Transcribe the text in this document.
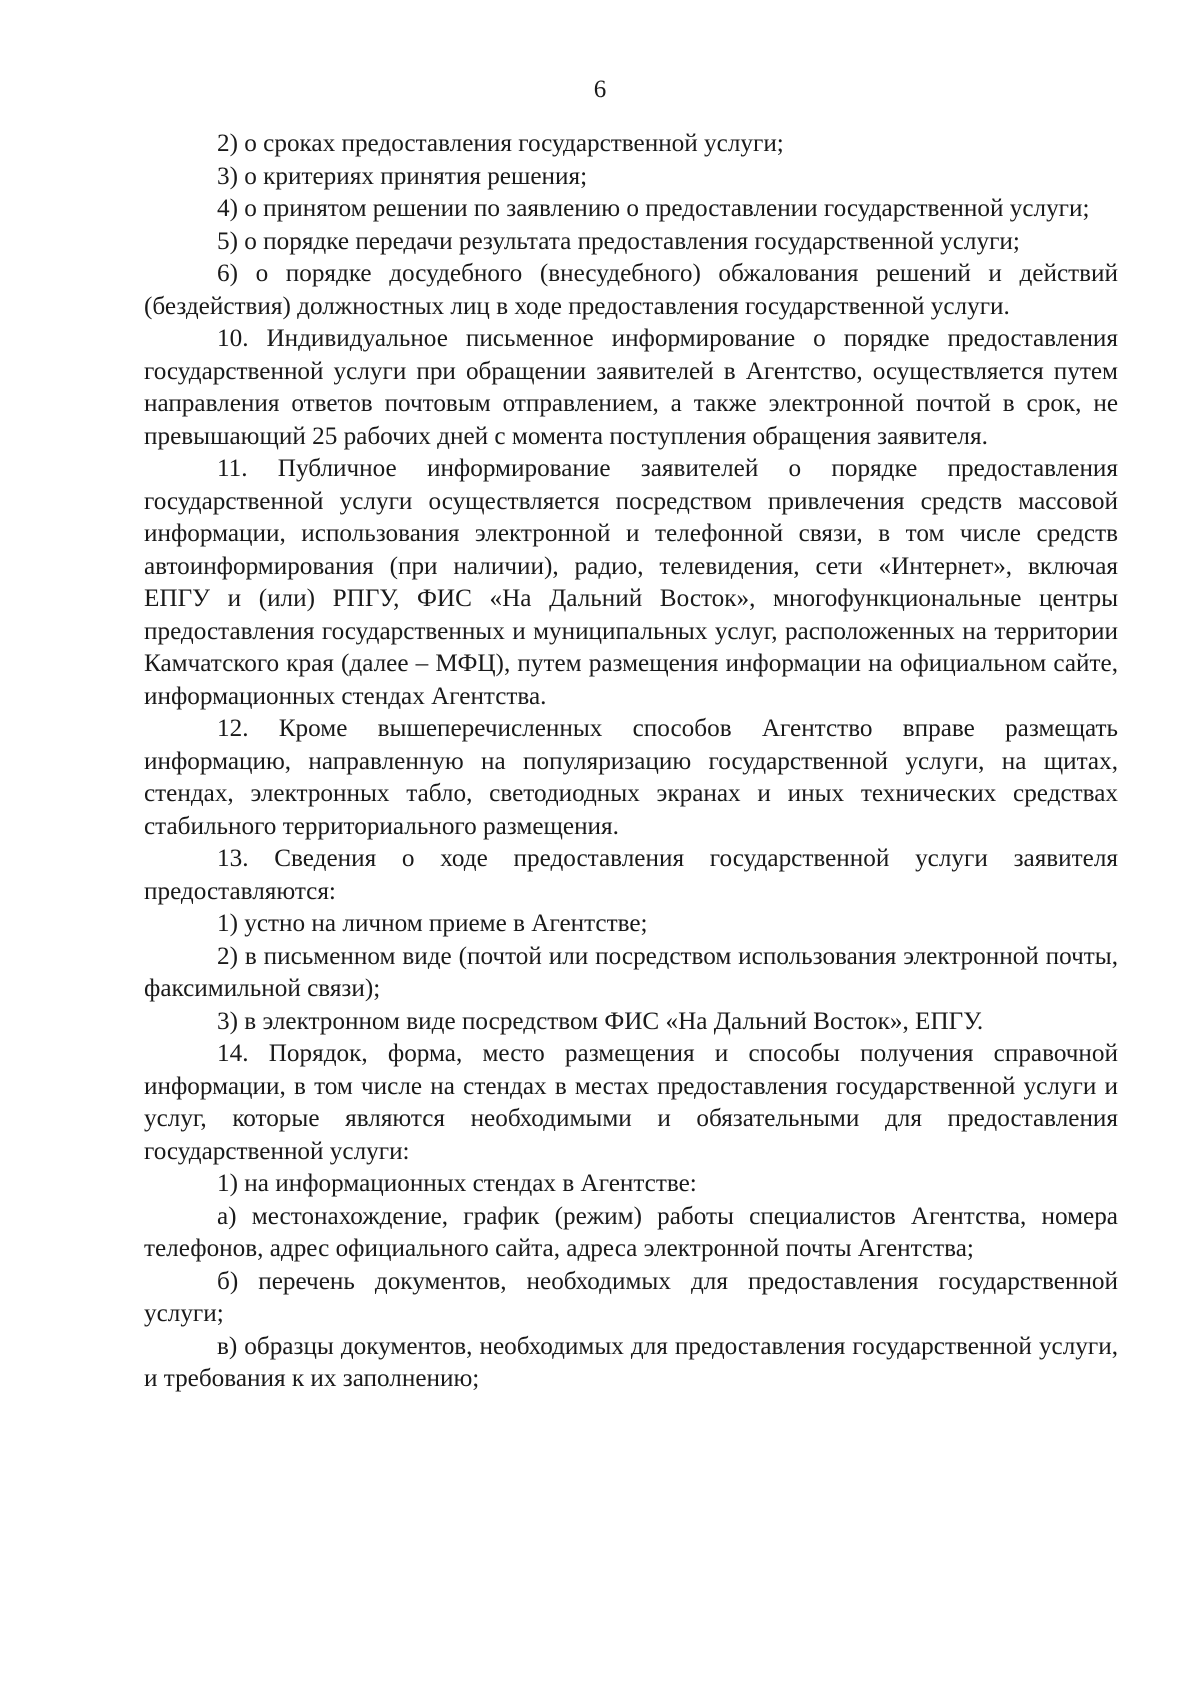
6

2) о сроках предоставления государственной услуги;

3) о критериях принятия решения;

4) о принятом решении по заявлению о предоставлении государственной услуги;

5) о порядке передачи результата предоставления государственной услуги;

6) о порядке досудебного (внесудебного) обжалования решений и действий (бездействия) должностных лиц в ходе предоставления государственной услуги.

10. Индивидуальное письменное информирование о порядке предоставления государственной услуги при обращении заявителей в Агентство, осуществляется путем направления ответов почтовым отправлением, а также электронной почтой в срок, не превышающий 25 рабочих дней с момента поступления обращения заявителя.

11. Публичное информирование заявителей о порядке предоставления государственной услуги осуществляется посредством привлечения средств массовой информации, использования электронной и телефонной связи, в том числе средств автоинформирования (при наличии), радио, телевидения, сети «Интернет», включая ЕПГУ и (или) РПГУ, ФИС «На Дальний Восток», многофункциональные центры предоставления государственных и муниципальных услуг, расположенных на территории Камчатского края (далее – МФЦ), путем размещения информации на официальном сайте, информационных стендах Агентства.

12. Кроме вышеперечисленных способов Агентство вправе размещать информацию, направленную на популяризацию государственной услуги, на щитах, стендах, электронных табло, светодиодных экранах и иных технических средствах стабильного территориального размещения.

13. Сведения о ходе предоставления государственной услуги заявителя предоставляются:

1) устно на личном приеме в Агентстве;

2) в письменном виде (почтой или посредством использования электронной почты, факсимильной связи);

3) в электронном виде посредством ФИС «На Дальний Восток», ЕПГУ.

14. Порядок, форма, место размещения и способы получения справочной информации, в том числе на стендах в местах предоставления государственной услуги и услуг, которые являются необходимыми и обязательными для предоставления государственной услуги:

1) на информационных стендах в Агентстве:

а) местонахождение, график (режим) работы специалистов Агентства, номера телефонов, адрес официального сайта, адреса электронной почты Агентства;

б) перечень документов, необходимых для предоставления государственной услуги;

в) образцы документов, необходимых для предоставления государственной услуги, и требования к их заполнению;
